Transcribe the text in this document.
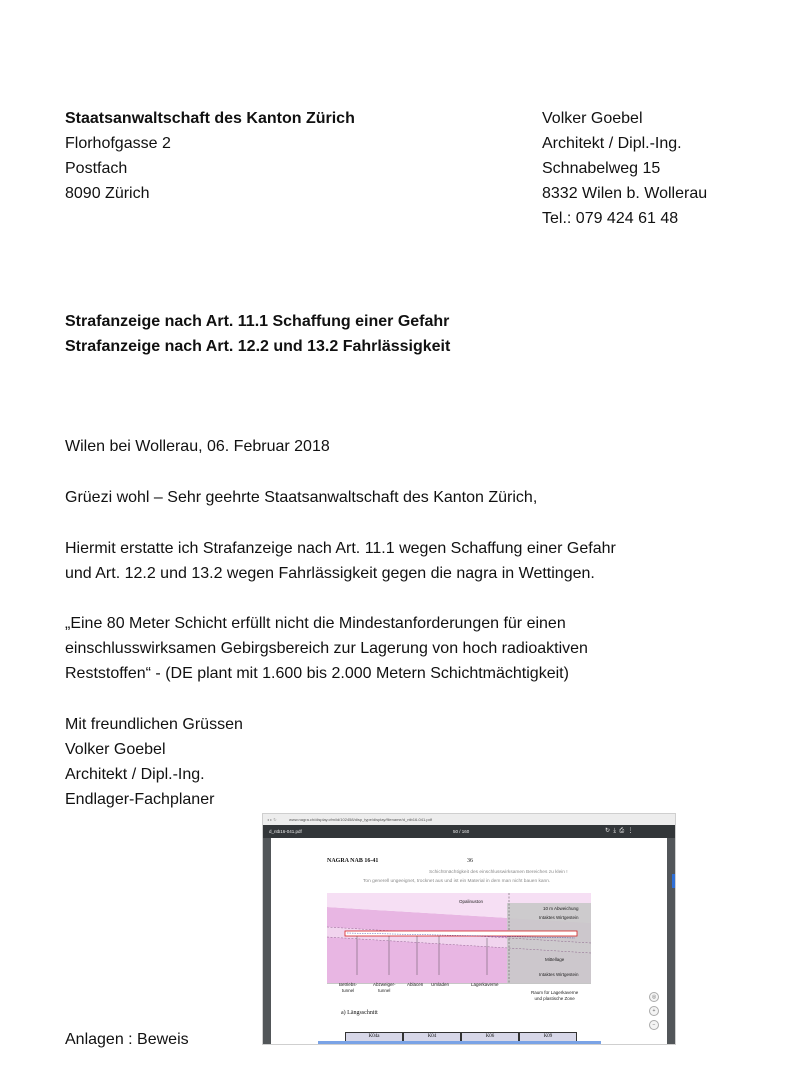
Staatsanwaltschaft des Kanton Zürich
Florhofgasse 2
Postfach
8090 Zürich
Volker Goebel
Architekt / Dipl.-Ing.
Schnabelweg 15
8332 Wilen b. Wollerau
Tel.: 079 424 61 48
Strafanzeige nach Art. 11.1 Schaffung einer Gefahr
Strafanzeige nach Art. 12.2 und 13.2 Fahrlässigkeit
Wilen bei Wollerau, 06. Februar 2018
Grüezi wohl – Sehr geehrte Staatsanwaltschaft des Kanton Zürich,
Hiermit erstatte ich Strafanzeige nach Art. 11.1 wegen Schaffung einer Gefahr
und Art. 12.2 und 13.2 wegen Fahrlässigkeit gegen die nagra in Wettingen.
„Eine 80 Meter Schicht erfüllt nicht die Mindestanforderungen für einen
einschlusswirksamen Gebirgsbereich zur Lagerung von hoch radioaktiven
Reststoffen“ - (DE plant mit 1.600 bis 2.000 Metern Schichtmächtigkeit)
Mit freundlichen Grüssen
Volker Goebel
Architekt / Dipl.-Ing.
Endlager-Fachplaner
Anlagen : Beweis
◂ ▸ ↻	www.nagra.ch/display.cfm/id/102458/disp_type/display/filename/d_ntb16-041.pdf
d_ntb16-041.pdf	50 / 160	↻  ⤓  ⎙  ⋮
NAGRA NAB 16-41	36
Schichtmächtigkeit des einschlusswirksamen Bereiches zu klein !
Ton generell ungeeignet, trocknet aus und ist ein Material in dem man nicht bauen kann.
Opalinuston
10 m Abweichung
Intaktes Wirtgestein
Mittellage
Intaktes Wirtgestein
Betriebs-
tunnel
Abzweiger-
tunnel
Ablacen Umladen	Lagerkaverne
Raum für Lagerkaverne
und plastische Zone
a) Längsschnitt
K04a	K04	K06	K09
◎
+
−
